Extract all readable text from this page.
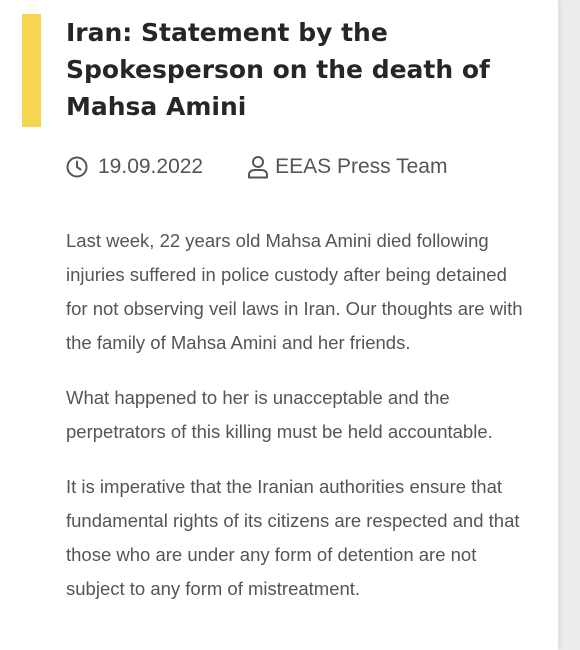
Iran: Statement by the Spokesperson on the death of Mahsa Amini
19.09.2022	EEAS Press Team

Last week, 22 years old Mahsa Amini died following injuries suffered in police custody after being detained for not observing veil laws in Iran. Our thoughts are with the family of Mahsa Amini and her friends.

What happened to her is unacceptable and the perpetrators of this killing must be held accountable.

It is imperative that the Iranian authorities ensure that fundamental rights of its citizens are respected and that those who are under any form of detention are not subject to any form of mistreatment.
